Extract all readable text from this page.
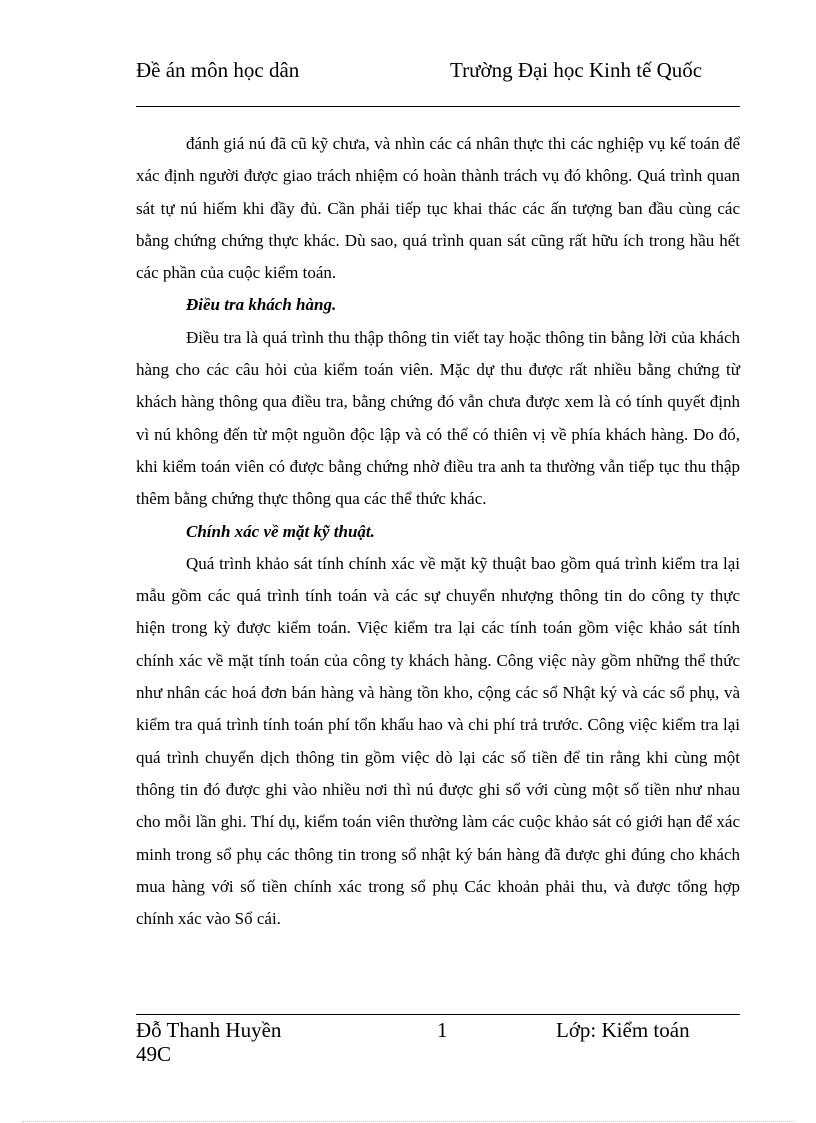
Đề án môn học dân	Trường Đại học Kinh tế Quốc

đánh giá nú đã cũ kỹ chưa, và nhìn các cá nhân thực thi các nghiệp vụ kế toán để xác định người được giao trách nhiệm có hoàn thành trách vụ đó không. Quá trình quan sát tự nú hiếm khi đầy đủ. Cần phải tiếp tục khai thác các ấn tượng ban đầu cùng các bằng chứng chứng thực khác. Dù sao, quá trình quan sát cũng rất hữu ích trong hầu hết các phần của cuộc kiểm toán.

Điều tra khách hàng.

Điều tra là quá trình thu thập thông tin viết tay hoặc thông tin bằng lời của khách hàng cho các câu hỏi của kiểm toán viên. Mặc dự thu được rất nhiều bằng chứng từ khách hàng thông qua điều tra, bằng chứng đó vẫn chưa được xem là có tính quyết định vì nú không đến từ một nguồn độc lập và có thể có thiên vị về phía khách hàng. Do đó, khi kiểm toán viên có được bằng chứng nhờ điều tra anh ta thường vẫn tiếp tục thu thập thêm bằng chứng thực thông qua các thể thức khác.

Chính xác về mặt kỹ thuật.

Quá trình khảo sát tính chính xác về mặt kỹ thuật bao gồm quá trình kiểm tra lại mẫu gồm các quá trình tính toán và các sự chuyển nhượng thông tin do công ty thực hiện trong kỳ được kiểm toán. Việc kiểm tra lại các tính toán gồm việc khảo sát tính chính xác về mặt tính toán của công ty khách hàng. Công việc này gồm những thể thức như nhân các hoá đơn bán hàng và hàng tồn kho, cộng các sổ Nhật ký và các sổ phụ, và kiểm tra quá trình tính toán phí tổn khấu hao và chi phí trả trước. Công việc kiểm tra lại quá trình chuyển dịch thông tin gồm việc dò lại các số tiền để tin rằng khi cùng một thông tin đó được ghi vào nhiều nơi thì nú được ghi sổ với cùng một số tiền như nhau cho mỗi lần ghi. Thí dụ, kiểm toán viên thường làm các cuộc khảo sát có giới hạn để xác minh trong sổ phụ các thông tin trong sổ nhật ký bán hàng đã được ghi đúng cho khách mua hàng với số tiền chính xác trong sổ phụ Các khoản phải thu, và được tổng hợp chính xác vào Sổ cái.

Đỗ Thanh Huyền 49C
1	Lớp: Kiểm toán
